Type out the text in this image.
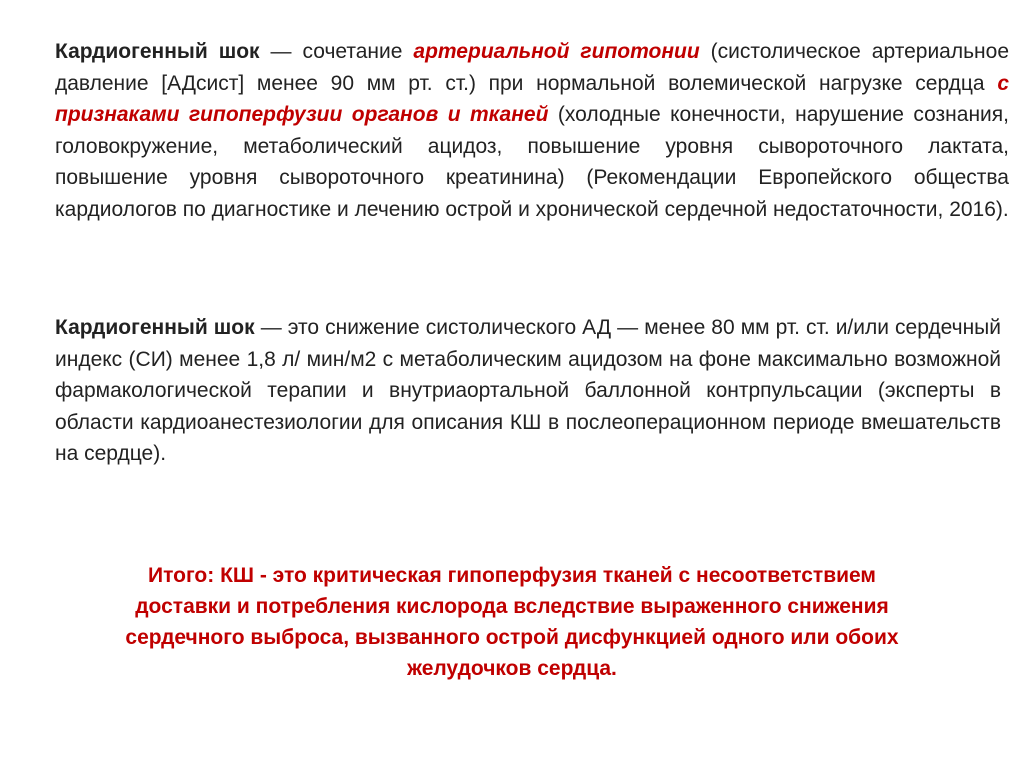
Кардиогенный шок — сочетание артериальной гипотонии (систолическое артериальное давление [АДсист] менее 90 мм рт. ст.) при нормальной волемической нагрузке сердца с признаками гипоперфузии органов и тканей (холодные конечности, нарушение сознания, головокружение, метаболический ацидоз, повышение уровня сывороточного лактата, повышение уровня сывороточного креатинина) (Рекомендации Европейского общества кардиологов по диагностике и лечению острой и хронической сердечной недостаточности, 2016).

Кардиогенный шок — это снижение систолического АД — менее 80 мм рт. ст. и/или сердечный индекс (СИ) менее 1,8 л/ мин/м2 с метаболическим ацидозом на фоне максимально возможной фармакологической терапии и внутриаортальной баллонной контрпульсации (эксперты в области кардиоанестезиологии для описания КШ в послеоперационном периоде вмешательств на сердце).

Итого: КШ - это критическая гипоперфузия тканей с несоответствием
доставки и потребления кислорода вследствие выраженного снижения
сердечного выброса, вызванного острой дисфункцией одного или обоих
желудочков сердца.
